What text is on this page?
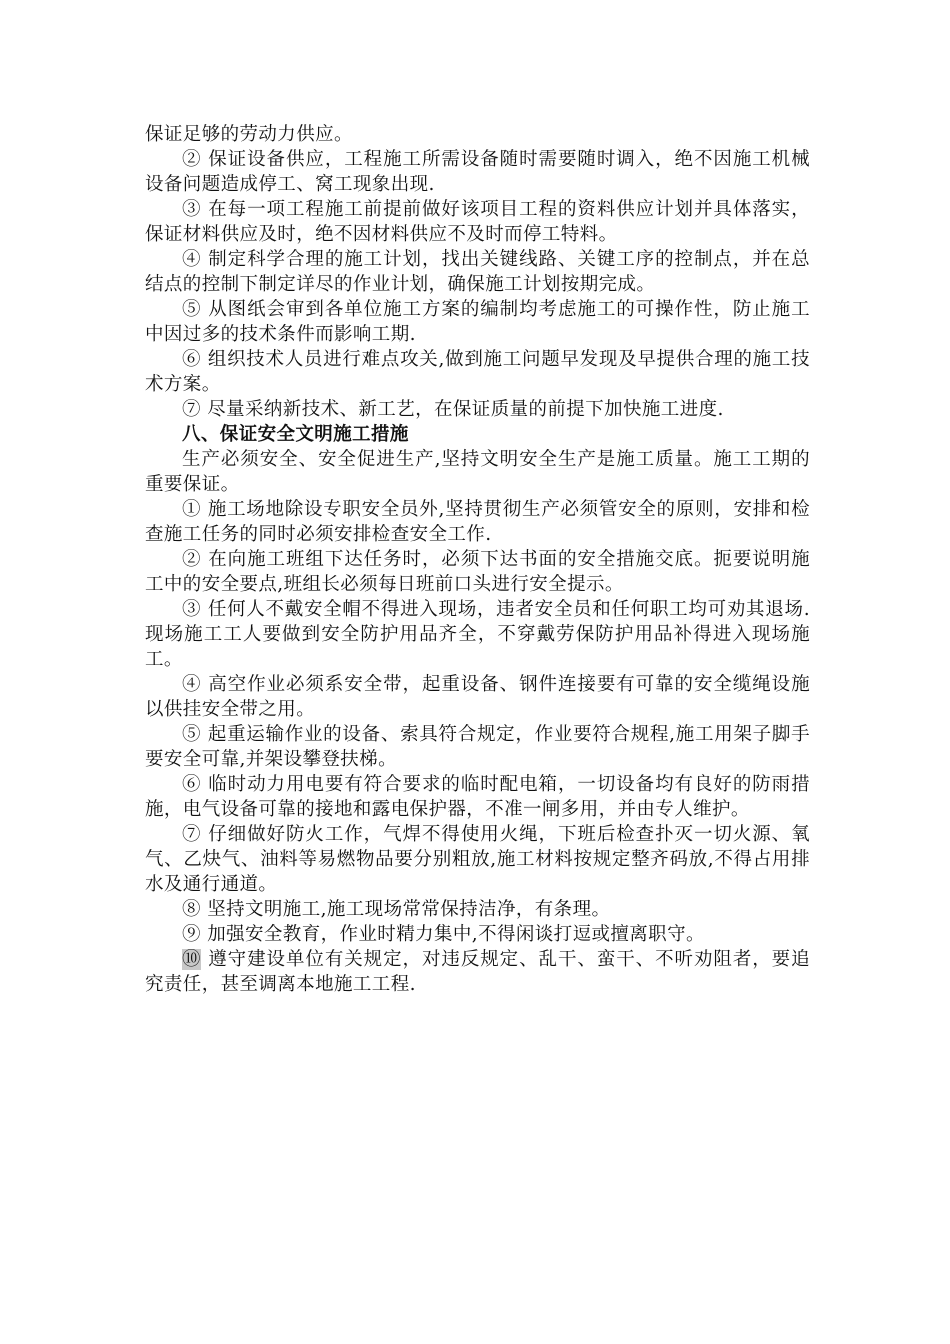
保证足够的劳动力供应。

② 保证设备供应，工程施工所需设备随时需要随时调入，绝不因施工机械设备问题造成停工、窝工现象出现.

③ 在每一项工程施工前提前做好该项目工程的资料供应计划并具体落实，保证材料供应及时，绝不因材料供应不及时而停工特料。

④ 制定科学合理的施工计划，找出关键线路、关键工序的控制点，并在总结点的控制下制定详尽的作业计划，确保施工计划按期完成。

⑤ 从图纸会审到各单位施工方案的编制均考虑施工的可操作性，防止施工中因过多的技术条件而影响工期.

⑥ 组织技术人员进行难点攻关,做到施工问题早发现及早提供合理的施工技术方案。

⑦ 尽量采纳新技术、新工艺，在保证质量的前提下加快施工进度.

八、保证安全文明施工措施

生产必须安全、安全促进生产,坚持文明安全生产是施工质量。施工工期的重要保证。

① 施工场地除设专职安全员外,坚持贯彻生产必须管安全的原则，安排和检查施工任务的同时必须安排检查安全工作.

② 在向施工班组下达任务时，必须下达书面的安全措施交底。扼要说明施工中的安全要点,班组长必须每日班前口头进行安全提示。

③ 任何人不戴安全帽不得进入现场，违者安全员和任何职工均可劝其退场.现场施工工人要做到安全防护用品齐全，不穿戴劳保防护用品补得进入现场施工。

④ 高空作业必须系安全带，起重设备、钢件连接要有可靠的安全缆绳设施以供挂安全带之用。

⑤ 起重运输作业的设备、索具符合规定，作业要符合规程,施工用架子脚手要安全可靠,并架设攀登扶梯。

⑥ 临时动力用电要有符合要求的临时配电箱，一切设备均有良好的防雨措施，电气设备可靠的接地和露电保护器，不准一闸多用，并由专人维护。

⑦ 仔细做好防火工作，气焊不得使用火绳，下班后检查扑灭一切火源、氧气、乙炔气、油料等易燃物品要分别粗放,施工材料按规定整齐码放,不得占用排水及通行通道。

⑧ 坚持文明施工,施工现场常常保持洁净，有条理。

⑨ 加强安全教育，作业时精力集中,不得闲谈打逗或擅离职守。

⑩ 遵守建设单位有关规定，对违反规定、乱干、蛮干、不听劝阻者，要追究责任，甚至调离本地施工工程.
